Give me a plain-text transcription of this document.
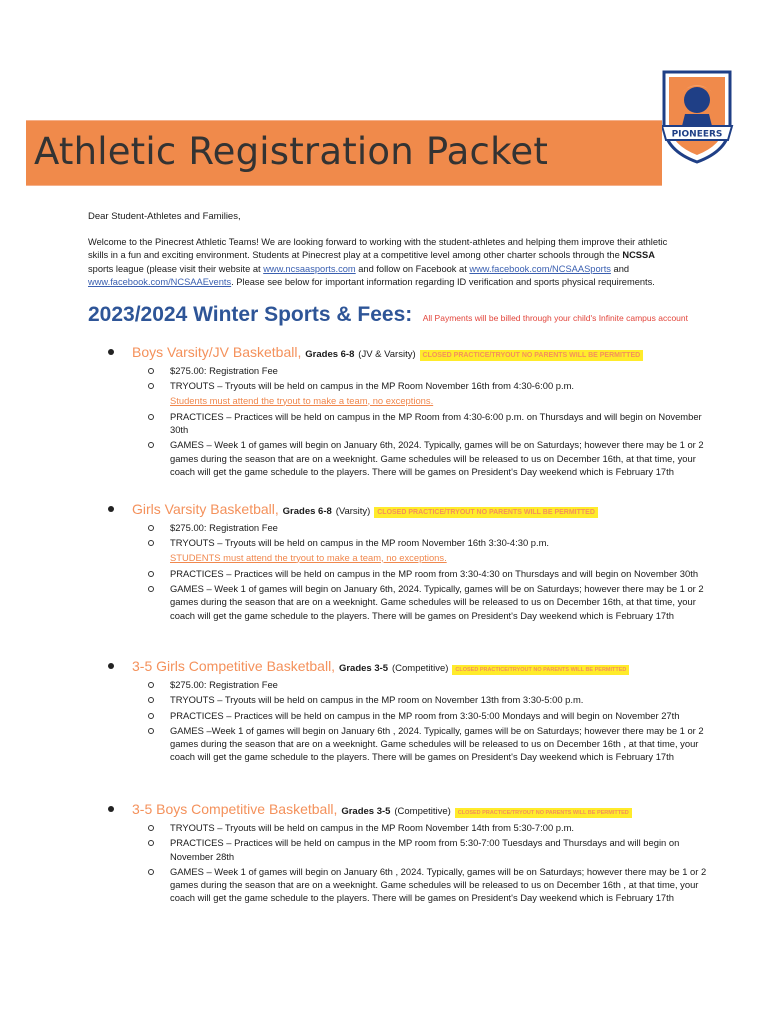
PIONEERS
Athletic Registration Packet
Dear Student-Athletes and Families,
Welcome to the Pinecrest Athletic Teams! We are looking forward to working with the student-athletes and helping them improve their athletic skills in a fun and exciting environment. Students at Pinecrest play at a competitive level among other charter schools through the NCSSA sports league (please visit their website at www.ncsaasports.com and follow on Facebook at www.facebook.com/NCSAASports and www.facebook.com/NCSAAEvents. Please see below for important information regarding ID verification and sports physical requirements.
2023/2024 Winter Sports & Fees: All Payments will be billed through your child's Infinite campus account
Boys Varsity/JV Basketball, Grades 6-8 (JV & Varsity) CLOSED PRACTICE/TRYOUT NO PARENTS WILL BE PERMITTED
$275.00: Registration Fee
TRYOUTS – Tryouts will be held on campus in the MP Room November 16th from 4:30-6:00 p.m.
Students must attend the tryout to make a team, no exceptions.
PRACTICES – Practices will be held on campus in the MP Room from 4:30-6:00 p.m. on Thursdays and will begin on November 30th
GAMES – Week 1 of games will begin on January 6th, 2024. Typically, games will be on Saturdays; however there may be 1 or 2 games during the season that are on a weeknight. Game schedules will be released to us on December 16th, at that time, your coach will get the game schedule to the players. There will be games on President's Day weekend which is February 17th
Girls Varsity Basketball, Grades 6-8 (Varsity) CLOSED PRACTICE/TRYOUT NO PARENTS WILL BE PERMITTED
$275.00: Registration Fee
TRYOUTS – Tryouts will be held on campus in the MP room November 16th 3:30-4:30 p.m.
STUDENTS must attend the tryout to make a team, no exceptions.
PRACTICES – Practices will be held on campus in the MP room from 3:30-4:30 on Thursdays and will begin on November 30th
GAMES – Week 1 of games will begin on January 6th, 2024. Typically, games will be on Saturdays; however there may be 1 or 2 games during the season that are on a weeknight. Game schedules will be released to us on December 16th, at that time, your coach will get the game schedule to the players. There will be games on President's Day weekend which is February 17th
3-5 Girls Competitive Basketball, Grades 3-5 (Competitive) CLOSED PRACTICE/TRYOUT NO PARENTS WILL BE PERMITTED
$275.00: Registration Fee
TRYOUTS – Tryouts will be held on campus in the MP room on November 13th from 3:30-5:00 p.m.
PRACTICES – Practices will be held on campus in the MP room from 3:30-5:00 Mondays and will begin on November 27th
GAMES –Week 1 of games will begin on January 6th , 2024. Typically, games will be on Saturdays; however there may be 1 or 2 games during the season that are on a weeknight. Game schedules will be released to us on December 16th , at that time, your coach will get the game schedule to the players. There will be games on President's Day weekend which is February 17th
3-5 Boys Competitive Basketball, Grades 3-5 (Competitive) CLOSED PRACTICE/TRYOUT NO PARENTS WILL BE PERMITTED
TRYOUTS – Tryouts will be held on campus in the MP Room November 14th from 5:30-7:00 p.m.
PRACTICES – Practices will be held on campus in the MP room from 5:30-7:00 Tuesdays and Thursdays and will begin on November 28th
GAMES – Week 1 of games will begin on January 6th , 2024. Typically, games will be on Saturdays; however there may be 1 or 2 games during the season that are on a weeknight. Game schedules will be released to us on December 16th , at that time, your coach will get the game schedule to the players. There will be games on President's Day weekend which is February 17th
